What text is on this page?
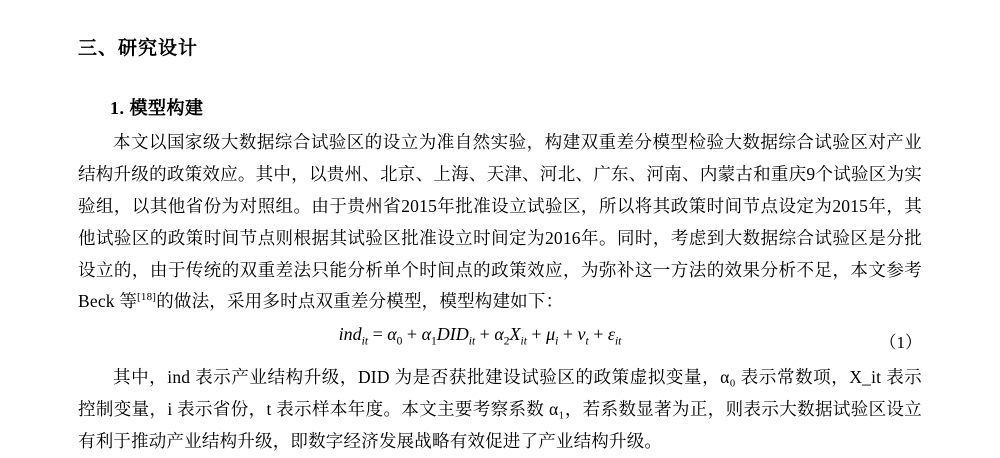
三、研究设计
1. 模型构建

本文以国家级大数据综合试验区的设立为准自然实验，构建双重差分模型检验大数据综合试验区对产业结构升级的政策效应。其中，以贵州、北京、上海、天津、河北、广东、河南、内蒙古和重庆9个试验区为实验组，以其他省份为对照组。由于贵州省2015年批准设立试验区，所以将其政策时间节点设定为2015年，其他试验区的政策时间节点则根据其试验区批准设立时间定为2016年。同时，考虑到大数据综合试验区是分批设立的，由于传统的双重差法只能分析单个时间点的政策效应，为弥补这一方法的效果分析不足，本文参考 Beck 等[18]的做法，采用多时点双重差分模型，模型构建如下：

$ind_{it} = \alpha_0 + \alpha_1DID_{it} + \alpha_2X_{it} + \mu_i + \nu_t + \varepsilon_{it}$	（1）

其中，ind 表示产业结构升级，DID 为是否获批建设试验区的政策虚拟变量，α₀ 表示常数项，X_it 表示控制变量，i 表示省份，t 表示样本年度。本文主要考察系数 α₁，若系数显著为正，则表示大数据试验区设立有利于推动产业结构升级，即数字经济发展战略有效促进了产业结构升级。
